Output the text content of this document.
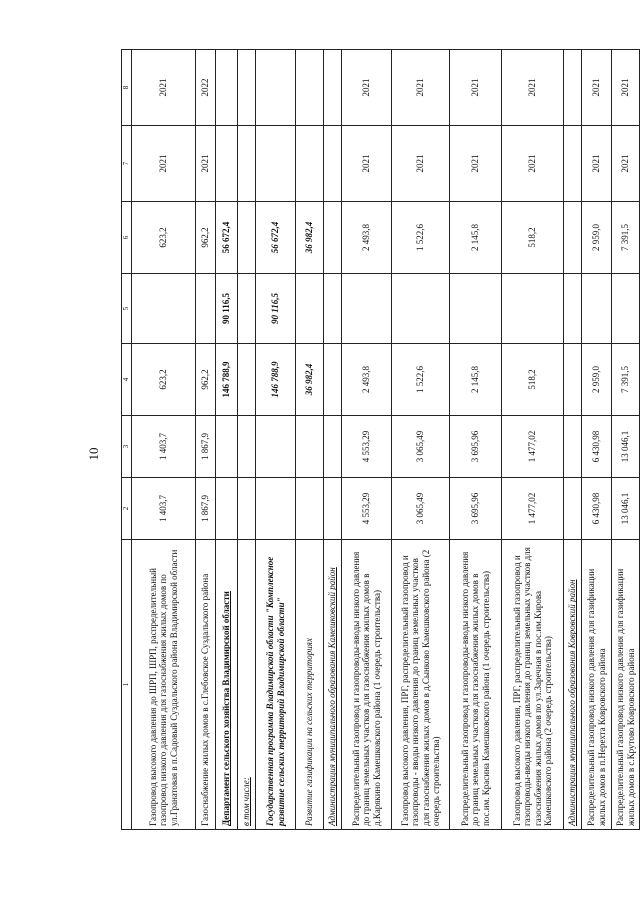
10
1	2	3	4	5	6	7	8
Газопровод высокого давления до ШРП, ШРП, распределительный газопровод низкого давления для газоснабжения жилых домов по ул.Гранатовая в п.Садовый Суздальского района Владимирской области	1 403,7	1 403,7	623,2		623,2	2021	2021
Газоснабжение жилых домов в с.Глебовское Суздальского района	1 867,9	1 867,9	962,2		962,2	2021	2022
Департамент сельского хозяйства Владимирской области			146 788,9	90 116,5	56 672,4		
в том числе:							
Государственная программа Владимирской области "Комплексное развитие сельских территорий Владимирской области"			146 788,9	90 116,5	56 672,4		
Развитие газификации на сельских территориях			36 982,4		36 982,4		
Администрация муниципального образования Камешковский район							
Распределительный газопровод и газопроводы-вводы низкого давления до границ земельных участков для газоснабжения жилых домов в д.Карякино Камешковского района (1 очередь строительства)	4 553,29	4 553,29	2 493,8		2 493,8	2021	2021
Газопровод высокого давления, ПРГ, распределительный газопровод и газопроводы - вводы низкого давления до границ земельных участков для газоснабжения жилых домов в д.Сынково Камешковского района (2 очередь строительства)	3 065,49	3 065,49	1 522,6		1 522,6	2021	2021
Распределительный газопровод и газопроводы-вводы низкого давления до границ земельных участков для газоснабжения жилых домов в пос.им. Красина Камешковского района (1 очередь строительства)	3 695,96	3 695,96	2 145,8		2 145,8	2021	2021
Газопровод высокого давления, ПРГ, распределительный газопровод и газопроводы-вводы низкого давления до границ земельных участков для газоснабжения жилых домов по ул.Заречная в пос.им.Кирова Камешковского района (2 очередь строительства)	1 477,02	1 477,02	518,2		518,2	2021	2021
Администрация муниципального образования Ковровский район							
Распределительный газопровод низкого давления для газификации жилых домов в п.Нерехта Ковровского района	6 430,98	6 430,98	2 959,0		2 959,0	2021	2021
Распределительный газопровод низкого давления для газификации жилых домов в с.Крутово Ковровского района	13 046,1	13 046,1	7 391,5		7 391,5	2021	2021
